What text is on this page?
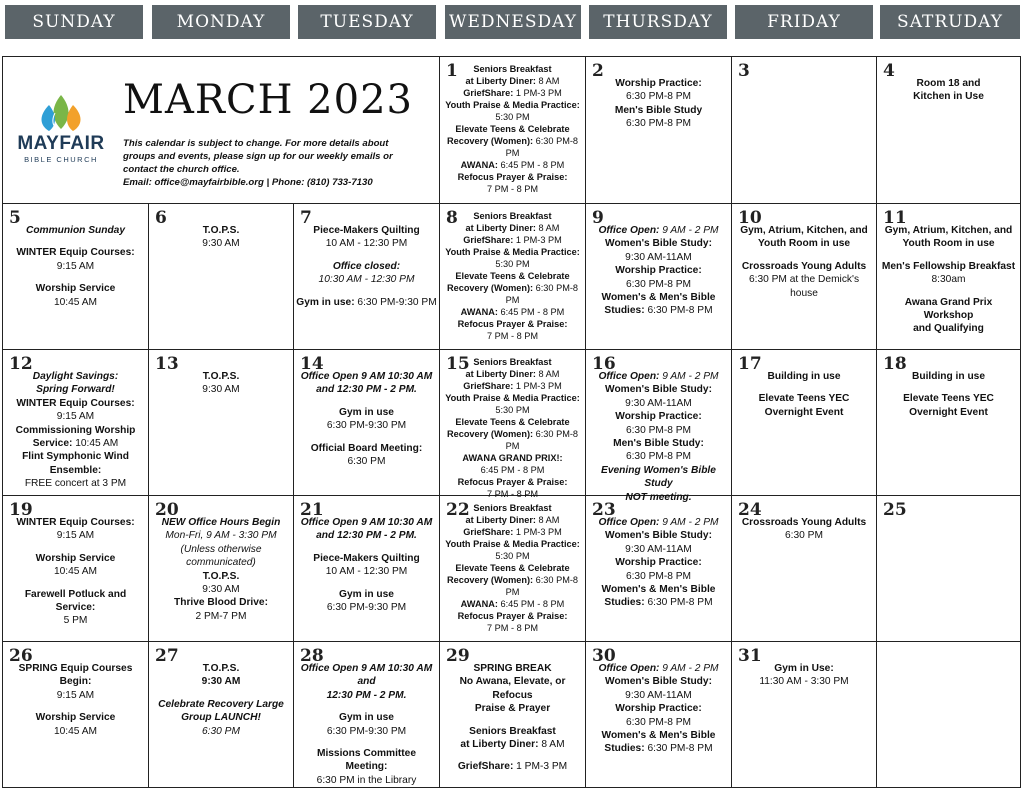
SUNDAY	MONDAY	TUESDAY	WEDNESDAY	THURSDAY	FRIDAY	SATRUDAY
MAYFAIR
BIBLE CHURCH
MARCH 2023
This calendar is subject to change. For more details about groups and events, please sign up for our weekly emails or contact the church office.
Email: office@mayfairbible.org | Phone: (810) 733-7130
1	Seniors Breakfast
at Liberty Diner: 8 AM
GriefShare: 1 PM-3 PM
Youth Praise & Media Practice:
5:30 PM
Elevate Teens & Celebrate
Recovery (Women): 6:30 PM-8 PM
AWANA: 6:45 PM - 8 PM
Refocus Prayer & Praise:
7 PM - 8 PM
2
Worship Practice:
6:30 PM-8 PM
Men's Bible Study
6:30 PM-8 PM
3	4
Room 18 and
Kitchen in Use
5
Communion Sunday
WINTER Equip Courses:
9:15 AM
Worship Service
10:45 AM
6
T.O.P.S.
9:30 AM
7
Piece-Makers Quilting
10 AM - 12:30 PM
Office closed:
10:30 AM - 12:30 PM
Gym in use: 6:30 PM-9:30 PM
8	Seniors Breakfast
at Liberty Diner: 8 AM
GriefShare: 1 PM-3 PM
Youth Praise & Media Practice:
5:30 PM
Elevate Teens & Celebrate
Recovery (Women): 6:30 PM-8 PM
AWANA: 6:45 PM - 8 PM
Refocus Prayer & Praise:
7 PM - 8 PM
9
Office Open: 9 AM - 2 PM
Women's Bible Study:
9:30 AM-11AM
Worship Practice:
6:30 PM-8 PM
Women's & Men's Bible
Studies: 6:30 PM-8 PM
10
Gym, Atrium, Kitchen, and
Youth Room in use
Crossroads Young Adults
6:30 PM at the Demick's house
11
Gym, Atrium, Kitchen, and
Youth Room in use
Men's Fellowship Breakfast
8:30am
Awana Grand Prix Workshop
and Qualifying
12
Daylight Savings:
Spring Forward!
WINTER Equip Courses:
9:15 AM
Commissioning Worship
Service: 10:45 AM
Flint Symphonic Wind
Ensemble:
FREE concert at 3 PM
13
T.O.P.S.
9:30 AM
14
Office Open 9 AM 10:30 AM
and 12:30 PM - 2 PM.
Gym in use
6:30 PM-9:30 PM
Official Board Meeting:
6:30 PM
15 Seniors Breakfast
at Liberty Diner: 8 AM
GriefShare: 1 PM-3 PM
Youth Praise & Media Practice:
5:30 PM
Elevate Teens & Celebrate
Recovery (Women): 6:30 PM-8 PM
AWANA GRAND PRIX!:
6:45 PM - 8 PM
Refocus Prayer & Praise:
7 PM - 8 PM
16
Office Open: 9 AM - 2 PM
Women's Bible Study:
9:30 AM-11AM
Worship Practice:
6:30 PM-8 PM
Men's Bible Study:
6:30 PM-8 PM
Evening Women's Bible Study
NOT meeting.
17
Building in use
Elevate Teens YEC
Overnight Event
18
Building in use
Elevate Teens YEC
Overnight Event
19
WINTER Equip Courses:
9:15 AM
Worship Service
10:45 AM
Farewell Potluck and Service:
5 PM
20
NEW Office Hours Begin
Mon-Fri, 9 AM - 3:30 PM
(Unless otherwise
communicated)
T.O.P.S.
9:30 AM
Thrive Blood Drive:
2 PM-7 PM
21
Office Open 9 AM 10:30 AM
and 12:30 PM - 2 PM.
Piece-Makers Quilting
10 AM - 12:30 PM
Gym in use
6:30 PM-9:30 PM
22 Seniors Breakfast
at Liberty Diner: 8 AM
GriefShare: 1 PM-3 PM
Youth Praise & Media Practice:
5:30 PM
Elevate Teens & Celebrate
Recovery (Women): 6:30 PM-8 PM
AWANA: 6:45 PM - 8 PM
Refocus Prayer & Praise:
7 PM - 8 PM
23
Office Open: 9 AM - 2 PM
Women's Bible Study:
9:30 AM-11AM
Worship Practice:
6:30 PM-8 PM
Women's & Men's Bible
Studies: 6:30 PM-8 PM
24
Crossroads Young Adults
6:30 PM
25
26
SPRING Equip Courses Begin:
9:15 AM
Worship Service
10:45 AM
27
T.O.P.S.
9:30 AM
Celebrate Recovery Large
Group LAUNCH!
6:30 PM
28
Office Open 9 AM 10:30 AM and
12:30 PM - 2 PM.
Gym in use
6:30 PM-9:30 PM
Missions Committee Meeting:
6:30 PM in the Library
29
SPRING BREAK
No Awana, Elevate, or Refocus
Praise & Prayer
Seniors Breakfast
at Liberty Diner: 8 AM
GriefShare: 1 PM-3 PM
30
Office Open: 9 AM - 2 PM
Women's Bible Study:
9:30 AM-11AM
Worship Practice:
6:30 PM-8 PM
Women's & Men's Bible
Studies: 6:30 PM-8 PM
31
Gym in Use:
11:30 AM - 3:30 PM
